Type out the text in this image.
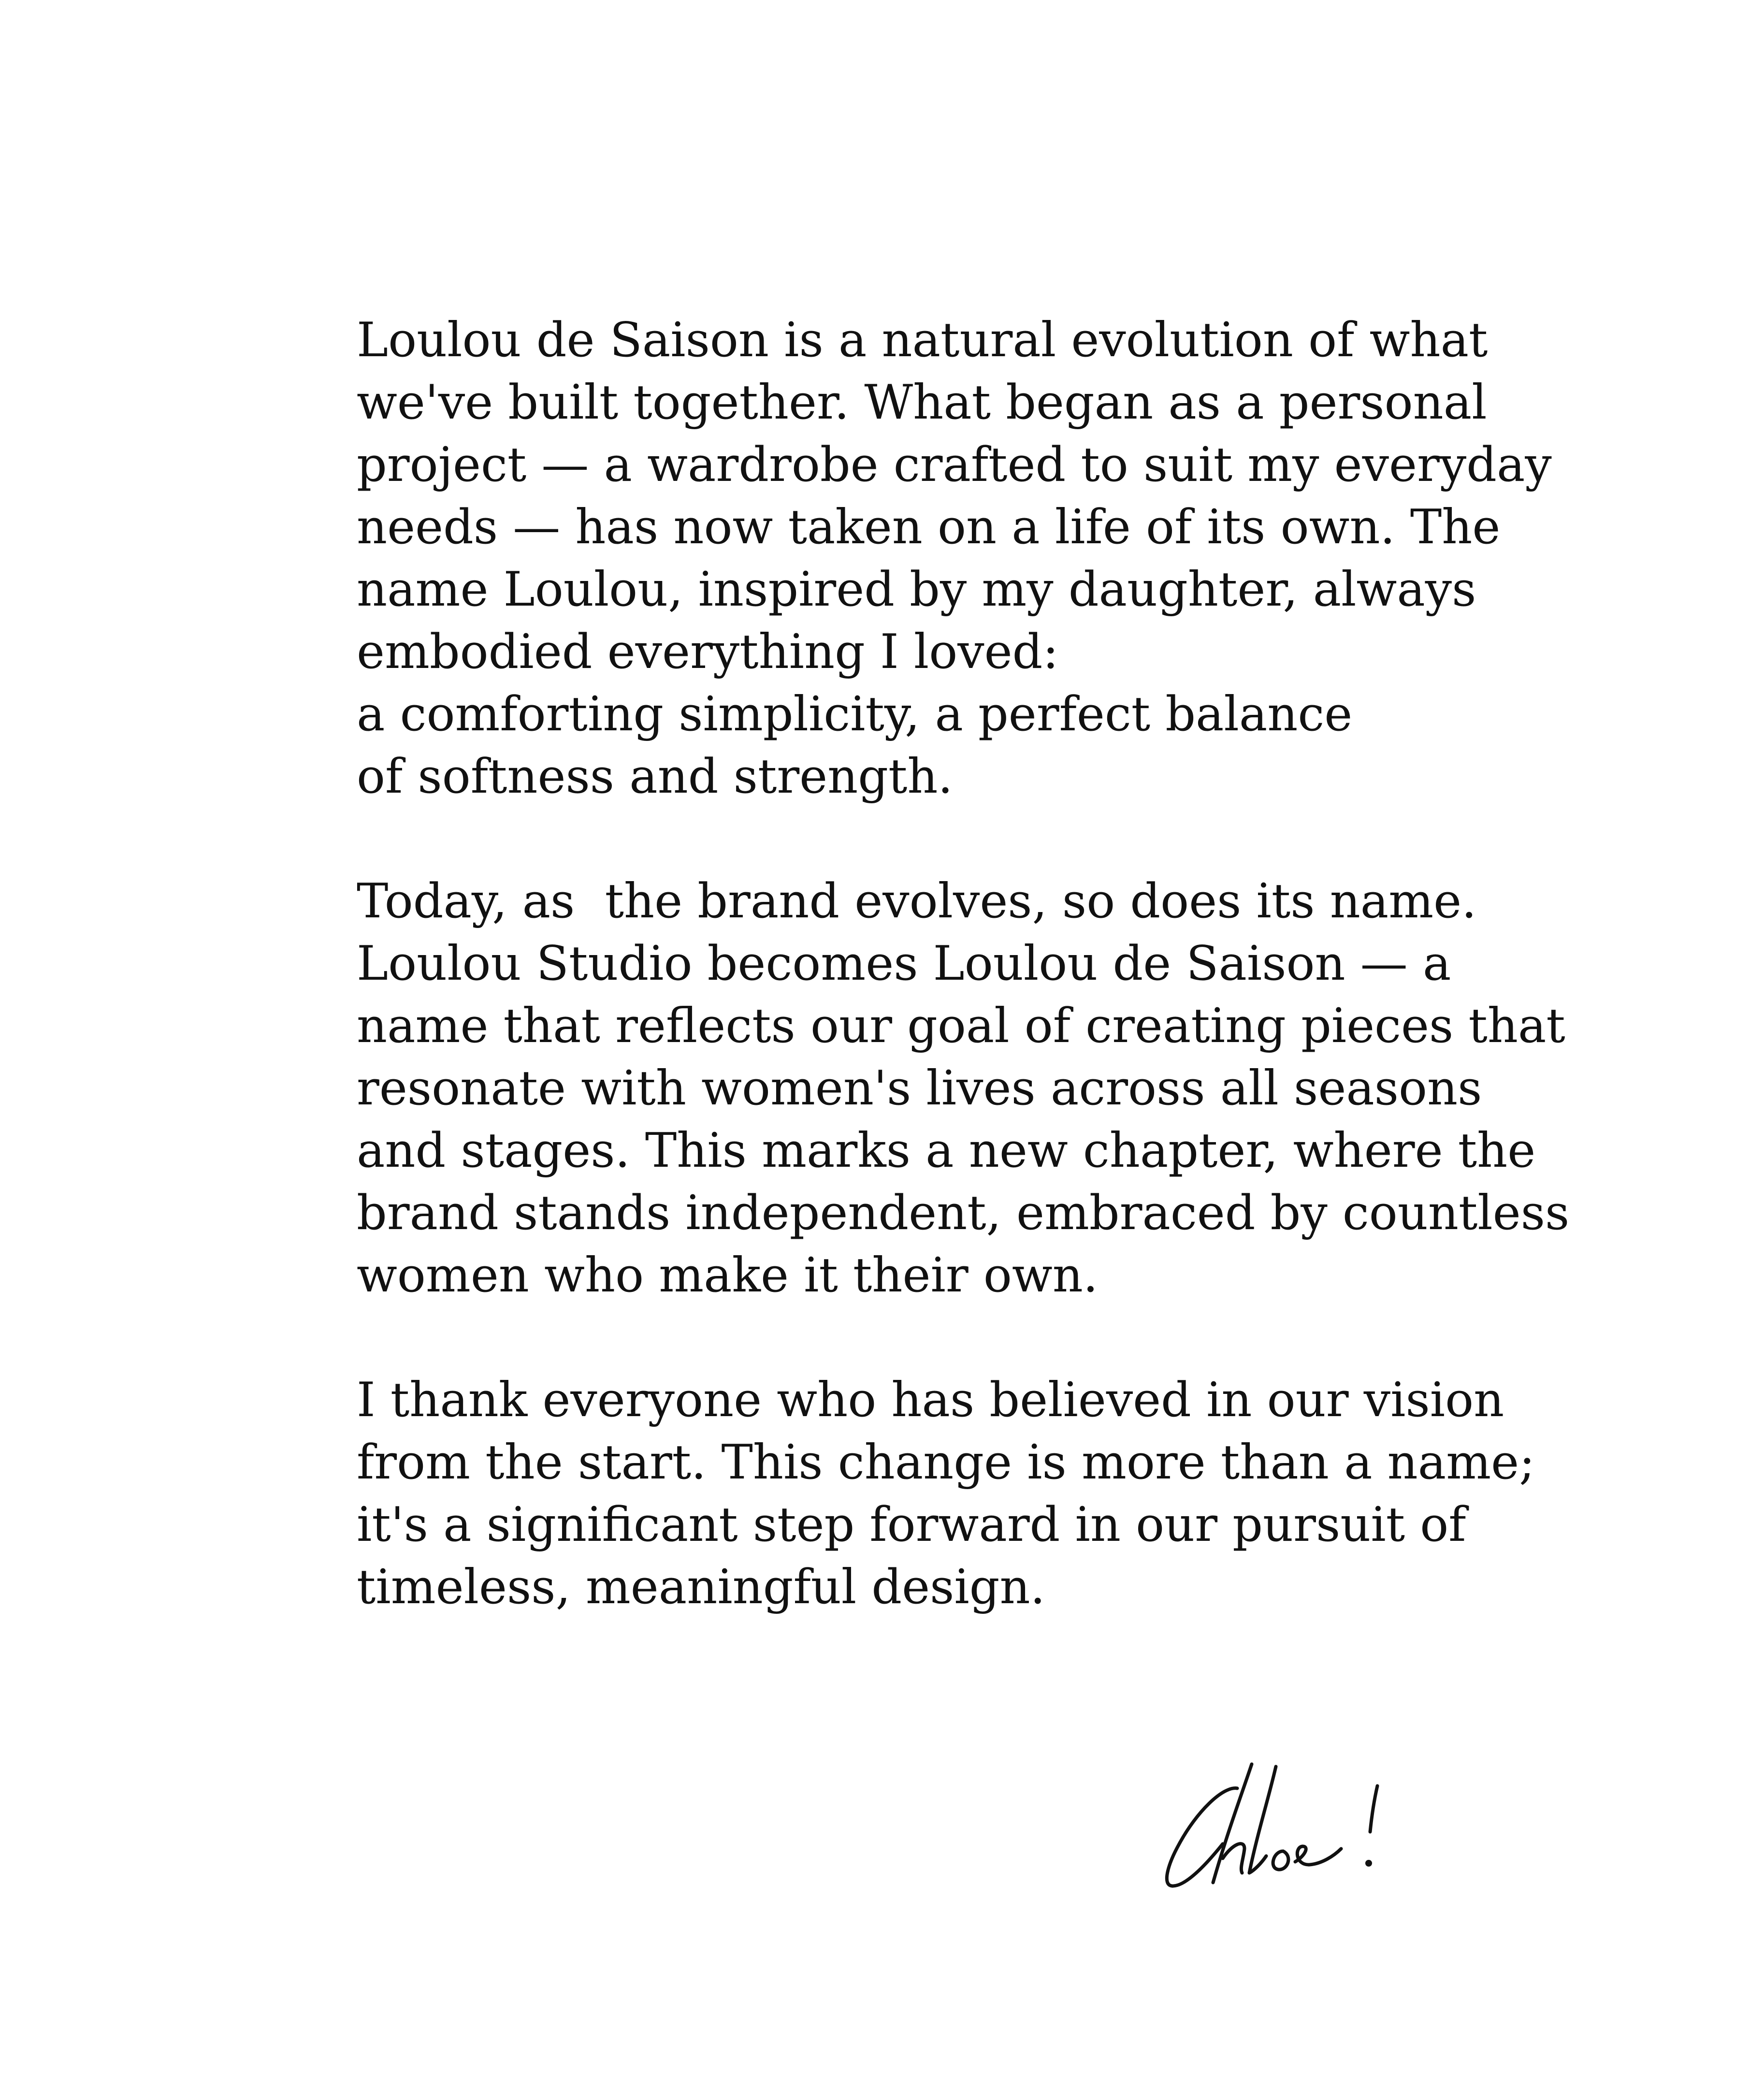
Loulou de Saison is a natural evolution of what
we've built together. What began as a personal
project — a wardrobe crafted to suit my everyday
needs — has now taken on a life of its own. The
name Loulou, inspired by my daughter, always
embodied everything I loved:
a comforting simplicity, a perfect balance
of softness and strength.

Today, as  the brand evolves, so does its name.
Loulou Studio becomes Loulou de Saison — a
name that reflects our goal of creating pieces that
resonate with women's lives across all seasons
and stages. This marks a new chapter, where the
brand stands independent, embraced by countless
women who make it their own.

I thank everyone who has believed in our vision
from the start. This change is more than a name;
it's a significant step forward in our pursuit of
timeless, meaningful design.
